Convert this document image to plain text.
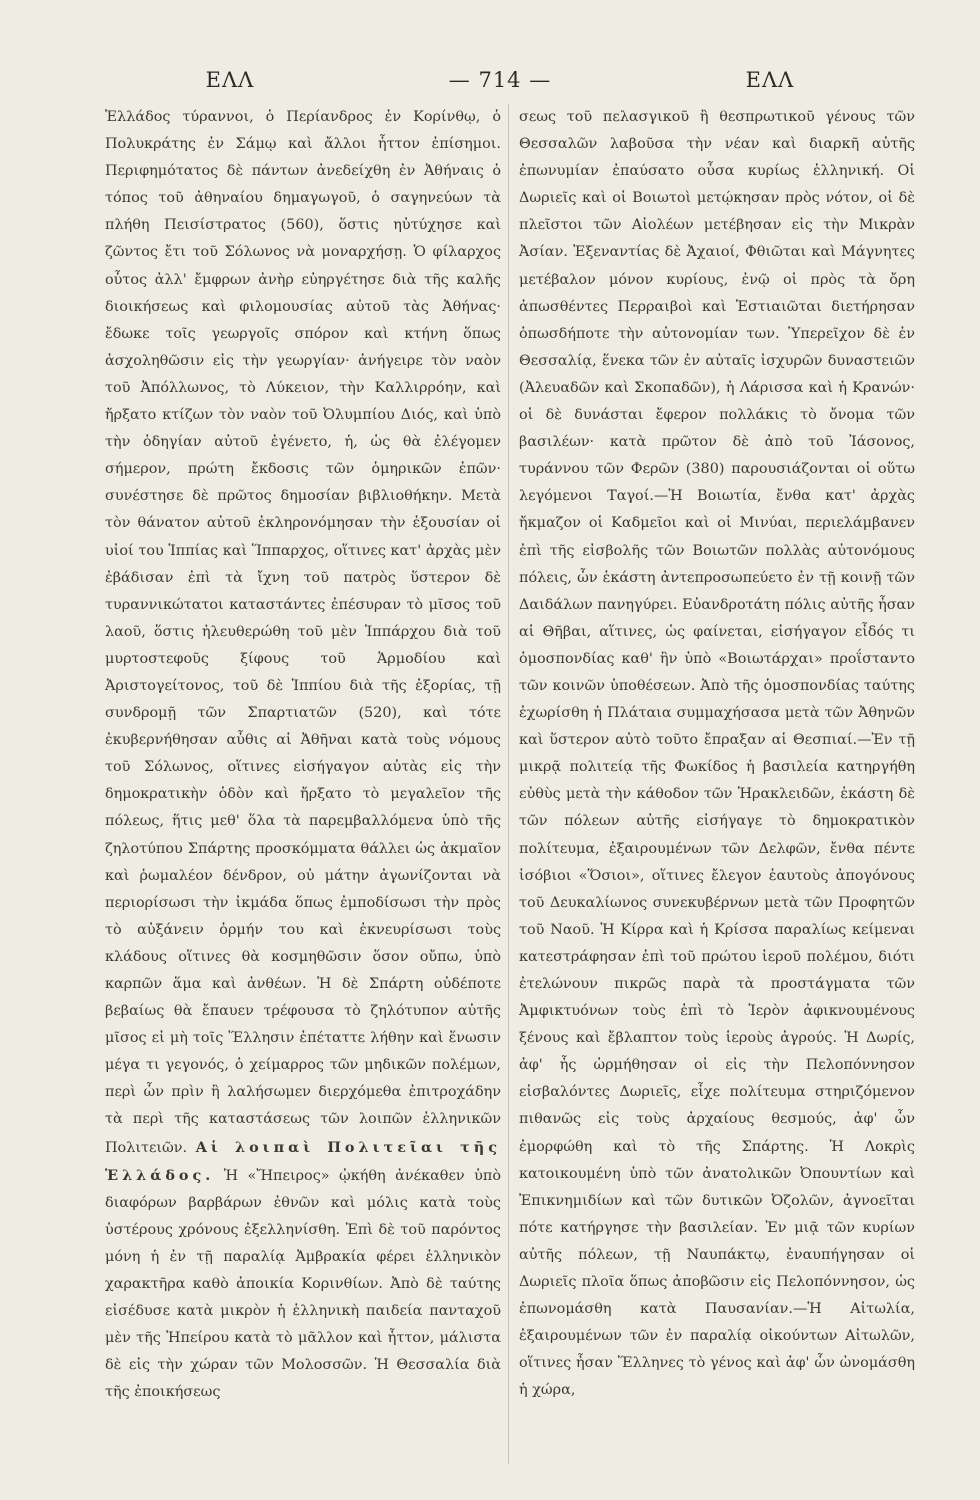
ΕΛΛ	— 714 —	ΕΛΛ

Ἑλλάδος τύραννοι, ὁ Περίανδρος ἐν Κορίνθῳ, ὁ Πολυκράτης ἐν Σάμῳ καὶ ἄλλοι ἧττον ἐπίσημοι. Περιφημότατος δὲ πάντων ἀνεδείχθη ἐν Ἀθήναις ὁ τόπος τοῦ ἀθηναίου δημαγωγοῦ, ὁ σαγηνεύων τὰ πλήθη Πεισίστρατος (560), ὅστις ηὐτύχησε καὶ ζῶντος ἔτι τοῦ Σόλωνος νὰ μοναρχήσῃ. Ὁ φίλαρχος οὗτος ἀλλ' ἔμφρων ἀνὴρ εὐηργέτησε διὰ τῆς καλῆς διοικήσεως καὶ φιλομουσίας αὐτοῦ τὰς Ἀθήνας· ἔδωκε τοῖς γεωργοῖς σπόρον καὶ κτήνη ὅπως ἀσχοληθῶσιν εἰς τὴν γεωργίαν· ἀνήγειρε τὸν ναὸν τοῦ Ἀπόλλωνος, τὸ Λύκειον, τὴν Καλλιρρόην, καὶ ἤρξατο κτίζων τὸν ναὸν τοῦ Ὀλυμπίου Διός, καὶ ὑπὸ τὴν ὁδηγίαν αὐτοῦ ἐγένετο, ἡ, ὡς θὰ ἐλέγομεν σήμερον, πρώτη ἔκδοσις τῶν ὁμηρικῶν ἐπῶν· συνέστησε δὲ πρῶτος δημοσίαν βιβλιοθήκην. Μετὰ τὸν θάνατον αὐτοῦ ἐκληρονόμησαν τὴν ἐξουσίαν οἱ υἱοί του Ἱππίας καὶ Ἵππαρχος, οἵτινες κατ' ἀρχὰς μὲν ἐβάδισαν ἐπὶ τὰ ἴχνη τοῦ πατρὸς ὕστερον δὲ τυραννικώτατοι καταστάντες ἐπέσυραν τὸ μῖσος τοῦ λαοῦ, ὅστις ἠλευθερώθη τοῦ μὲν Ἱππάρχου διὰ τοῦ μυρτοστεφοῦς ξίφους τοῦ Ἁρμοδίου καὶ Ἀριστογείτονος, τοῦ δὲ Ἱππίου διὰ τῆς ἐξορίας, τῇ συνδρομῇ τῶν Σπαρτιατῶν (520), καὶ τότε ἐκυβερνήθησαν αὖθις αἱ Ἀθῆναι κατὰ τοὺς νόμους τοῦ Σόλωνος, οἵτινες εἰσήγαγον αὐτὰς εἰς τὴν δημοκρατικὴν ὁδὸν καὶ ἤρξατο τὸ μεγαλεῖον τῆς πόλεως, ἥτις μεθ' ὅλα τὰ παρεμβαλλόμενα ὑπὸ τῆς ζηλοτύπου Σπάρτης προσκόμματα θάλλει ὡς ἀκμαῖον καὶ ῥωμαλέον δένδρον, οὐ μάτην ἀγωνίζονται νὰ περιορίσωσι τὴν ἰκμάδα ὅπως ἐμποδίσωσι τὴν πρὸς τὸ αὐξάνειν ὁρμήν του καὶ ἐκνευρίσωσι τοὺς κλάδους οἵτινες θὰ κοσμηθῶσιν ὅσον οὔπω, ὑπὸ καρπῶν ἅμα καὶ ἀνθέων. Ἡ δὲ Σπάρτη οὐδέποτε βεβαίως θὰ ἔπαυεν τρέφουσα τὸ ζηλότυπον αὐτῆς μῖσος εἰ μὴ τοῖς Ἕλλησιν ἐπέταττε λήθην καὶ ἕνωσιν μέγα τι γεγονός, ὁ χείμαρρος τῶν μηδικῶν πολέμων, περὶ ὧν πρὶν ἢ λαλήσωμεν διερχόμεθα ἐπιτροχάδην τὰ περὶ τῆς καταστάσεως τῶν λοιπῶν ἑλληνικῶν Πολιτειῶν. Αἱ λοιπαὶ Πολιτεῖαι τῆς Ἑλλάδος. Ἡ «Ἤπειρος» ᾠκήθη ἀνέκαθεν ὑπὸ διαφόρων βαρβάρων ἐθνῶν καὶ μόλις κατὰ τοὺς ὑστέρους χρόνους ἐξελληνίσθη. Ἐπὶ δὲ τοῦ παρόντος μόνη ἡ ἐν τῇ παραλίᾳ Ἀμβρακία φέρει ἑλληνικὸν χαρακτῆρα καθὸ ἀποικία Κορινθίων. Ἀπὸ δὲ ταύτης εἰσέδυσε κατὰ μικρὸν ἡ ἑλληνικὴ παιδεία πανταχοῦ μὲν τῆς Ἠπείρου κατὰ τὸ μᾶλλον καὶ ἧττον, μάλιστα δὲ εἰς τὴν χώραν τῶν Μολοσσῶν. Ἡ Θεσσαλία διὰ τῆς ἐποικήσεως

σεως τοῦ πελασγικοῦ ἢ θεσπρωτικοῦ γένους τῶν Θεσσαλῶν λαβοῦσα τὴν νέαν καὶ διαρκῆ αὐτῆς ἐπωνυμίαν ἐπαύσατο οὖσα κυρίως ἑλληνική. Οἱ Δωριεῖς καὶ οἱ Βοιωτοὶ μετῴκησαν πρὸς νότον, οἱ δὲ πλεῖστοι τῶν Αἰολέων μετέβησαν εἰς τὴν Μικρὰν Ἀσίαν. Ἐξεναντίας δὲ Ἀχαιοί, Φθιῶται καὶ Μάγνητες μετέβαλον μόνον κυρίους, ἐνῷ οἱ πρὸς τὰ ὄρη ἀπωσθέντες Περραιβοὶ καὶ Ἑστιαιῶται διετήρησαν ὁπωσδήποτε τὴν αὐτονομίαν των. Ὑπερεῖχον δὲ ἐν Θεσσαλίᾳ, ἕνεκα τῶν ἐν αὐταῖς ἰσχυρῶν δυναστειῶν (Ἀλευαδῶν καὶ Σκοπαδῶν), ἡ Λάρισσα καὶ ἡ Κρανών· οἱ δὲ δυνάσται ἔφερον πολλάκις τὸ ὄνομα τῶν βασιλέων· κατὰ πρῶτον δὲ ἀπὸ τοῦ Ἰάσονος, τυράννου τῶν Φερῶν (380) παρουσιάζονται οἱ οὕτω λεγόμενοι Ταγοί.—Ἡ Βοιωτία, ἔνθα κατ' ἀρχὰς ἤκμαζον οἱ Καδμεῖοι καὶ οἱ Μινύαι, περιελάμβανεν ἐπὶ τῆς εἰσβολῆς τῶν Βοιωτῶν πολλὰς αὐτονόμους πόλεις, ὧν ἑκάστη ἀντεπροσωπεύετο ἐν τῇ κοινῇ τῶν Δαιδάλων πανηγύρει. Εὐανδροτάτη πόλις αὐτῆς ἦσαν αἱ Θῆβαι, αἵτινες, ὡς φαίνεται, εἰσήγαγον εἶδός τι ὁμοσπονδίας καθ' ἣν ὑπὸ «Βοιωτάρχαι» προΐσταντο τῶν κοινῶν ὑποθέσεων. Ἀπὸ τῆς ὁμοσπονδίας ταύτης ἐχωρίσθη ἡ Πλάταια συμμαχήσασα μετὰ τῶν Ἀθηνῶν καὶ ὕστερον αὐτὸ τοῦτο ἔπραξαν αἱ Θεσπιαί.—Ἐν τῇ μικρᾷ πολιτείᾳ τῆς Φωκίδος ἡ βασιλεία κατηργήθη εὐθὺς μετὰ τὴν κάθοδον τῶν Ἡρακλειδῶν, ἑκάστη δὲ τῶν πόλεων αὐτῆς εἰσήγαγε τὸ δημοκρατικὸν πολίτευμα, ἐξαιρουμένων τῶν Δελφῶν, ἔνθα πέντε ἰσόβιοι «Ὅσιοι», οἵτινες ἔλεγον ἑαυτοὺς ἀπογόνους τοῦ Δευκαλίωνος συνεκυβέρνων μετὰ τῶν Προφητῶν τοῦ Ναοῦ. Ἡ Κίρρα καὶ ἡ Κρίσσα παραλίως κείμεναι κατεστράφησαν ἐπὶ τοῦ πρώτου ἱεροῦ πολέμου, διότι ἐτελώνουν πικρῶς παρὰ τὰ προστάγματα τῶν Ἀμφικτυόνων τοὺς ἐπὶ τὸ Ἱερὸν ἀφικνουμένους ξένους καὶ ἔβλαπτον τοὺς ἱεροὺς ἀγρούς. Ἡ Δωρίς, ἀφ' ἧς ὡρμήθησαν οἱ εἰς τὴν Πελοπόννησον εἰσβαλόντες Δωριεῖς, εἶχε πολίτευμα στηριζόμενον πιθανῶς εἰς τοὺς ἀρχαίους θεσμούς, ἀφ' ὧν ἐμορφώθη καὶ τὸ τῆς Σπάρτης. Ἡ Λοκρὶς κατοικουμένη ὑπὸ τῶν ἀνατολικῶν Ὀπουντίων καὶ Ἐπικνημιδίων καὶ τῶν δυτικῶν Ὀζολῶν, ἀγνοεῖται πότε κατήργησε τὴν βασιλείαν. Ἐν μιᾷ τῶν κυρίων αὐτῆς πόλεων, τῇ Ναυπάκτῳ, ἐναυπήγησαν οἱ Δωριεῖς πλοῖα ὅπως ἀποβῶσιν εἰς Πελοπόννησον, ὡς ἐπωνομάσθη κατὰ Παυσανίαν.—Ἡ Αἰτωλία, ἐξαιρουμένων τῶν ἐν παραλίᾳ οἰκούντων Αἰτωλῶν, οἵτινες ἦσαν Ἕλληνες τὸ γένος καὶ ἀφ' ὧν ὠνομάσθη ἡ χώρα,
